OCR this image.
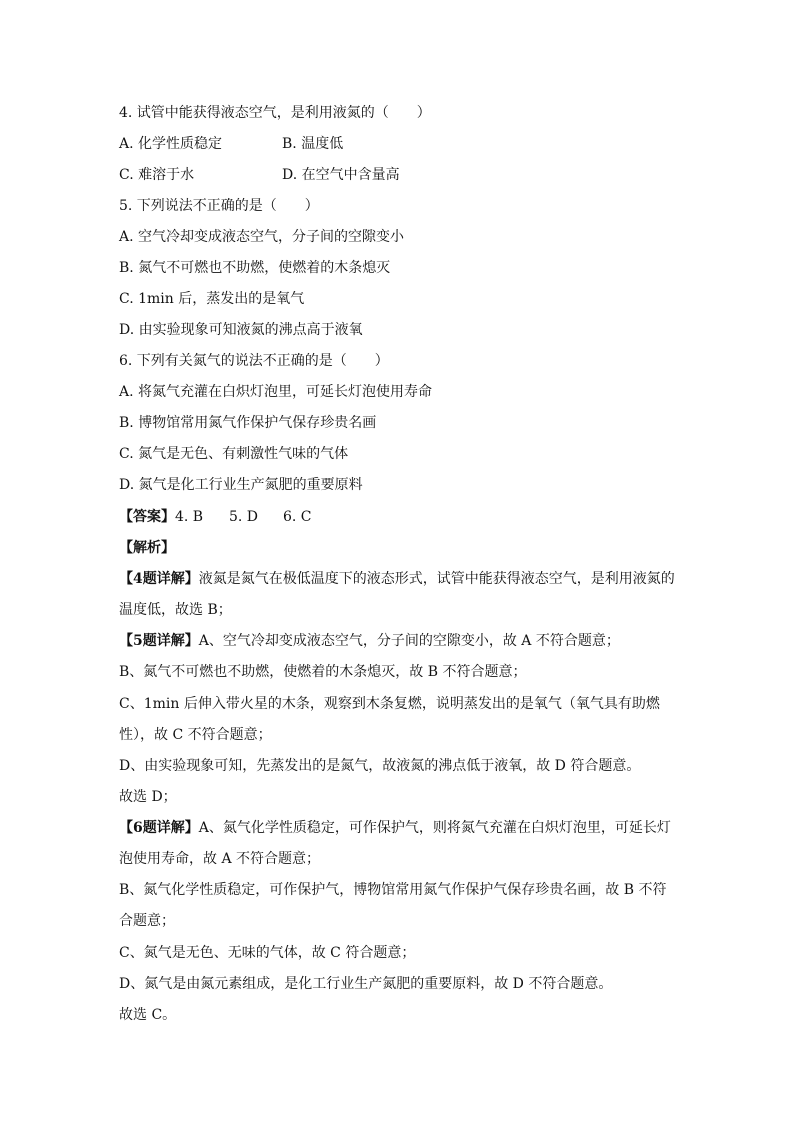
4. 试管中能获得液态空气，是利用液氮的（　　）
A. 化学性质稳定	B. 温度低
C. 难溶于水	D. 在空气中含量高
5. 下列说法不正确的是（　　）
A. 空气冷却变成液态空气，分子间的空隙变小
B. 氮气不可燃也不助燃，使燃着的木条熄灭
C. 1min 后，蒸发出的是氧气
D. 由实验现象可知液氮的沸点高于液氧
6. 下列有关氮气的说法不正确的是（　　）
A. 将氮气充灌在白炽灯泡里，可延长灯泡使用寿命
B. 博物馆常用氮气作保护气保存珍贵名画
C. 氮气是无色、有刺激性气味的气体
D. 氮气是化工行业生产氮肥的重要原料
【答案】4. B 5. D 6. C
【解析】
【4题详解】液氮是氮气在极低温度下的液态形式，试管中能获得液态空气，是利用液氮的
温度低，故选 B；
【5题详解】A、空气冷却变成液态空气，分子间的空隙变小，故 A 不符合题意；
B、氮气不可燃也不助燃，使燃着的木条熄灭，故 B 不符合题意；
C、1min 后伸入带火星的木条，观察到木条复燃，说明蒸发出的是氧气（氧气具有助燃
性），故 C 不符合题意；
D、由实验现象可知，先蒸发出的是氮气，故液氮的沸点低于液氧，故 D 符合题意。
故选 D；
【6题详解】A、氮气化学性质稳定，可作保护气，则将氮气充灌在白炽灯泡里，可延长灯
泡使用寿命，故 A 不符合题意；
B、氮气化学性质稳定，可作保护气，博物馆常用氮气作保护气保存珍贵名画，故 B 不符
合题意；
C、氮气是无色、无味的气体，故 C 符合题意；
D、氮气是由氮元素组成，是化工行业生产氮肥的重要原料，故 D 不符合题意。
故选 C。
